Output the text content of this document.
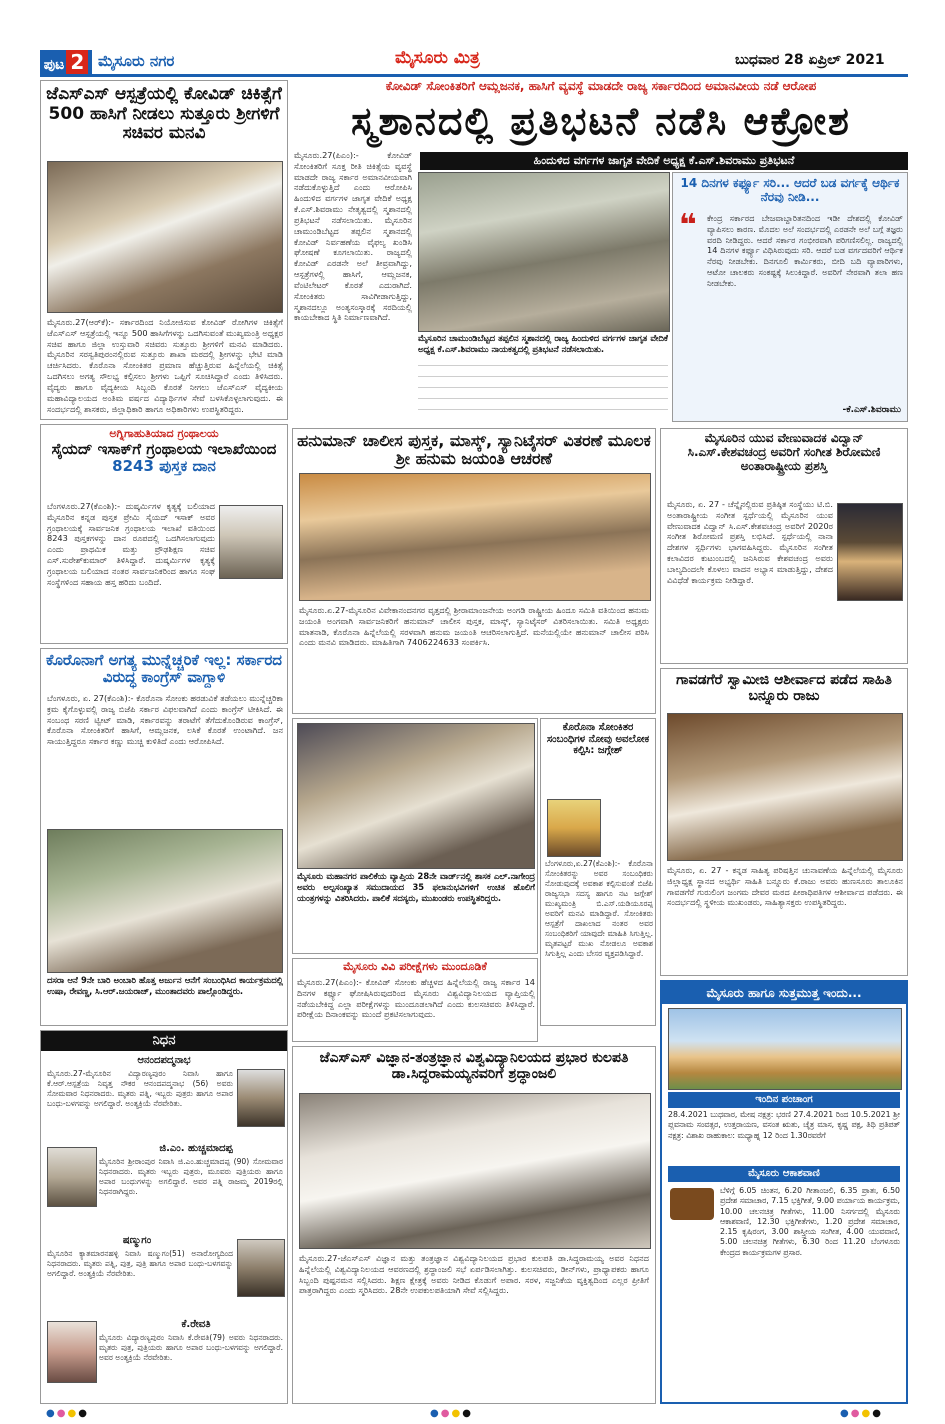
ಪುಟ 2 ಮೈಸೂರು ನಗರ	ಮೈಸೂರು ಮಿತ್ರ	ಬುಧವಾರ 28 ಏಪ್ರಿಲ್ 2021
ಜೆಎಸ್‌ಎಸ್ ಆಸ್ಪತ್ರೆಯಲ್ಲಿ ಕೋವಿಡ್ ಚಿಕಿತ್ಸೆಗೆ 500 ಹಾಸಿಗೆ ನೀಡಲು ಸುತ್ತೂರು ಶ್ರೀಗಳಿಗೆ ಸಚಿವರ ಮನವಿ
ಮೈಸೂರು.27(ಆರ್‌ಕೆ):- ಸರ್ಕಾರದಿಂದ ನಿಯೋಜಿಸುವ ಕೋವಿಡ್ ರೋಗಿಗಳ ಚಿಕಿತ್ಸೆಗೆ ಜೆಎಸ್‌ಎಸ್ ಆಸ್ಪತ್ರೆಯಲ್ಲಿ ಇನ್ನೂ 500 ಹಾಸಿಗೆಗಳನ್ನು ಒದಗಿಸುವಂತೆ ಮುಖ್ಯಮಂತ್ರಿ ಅಧ್ಯಕ್ಷರ ಸಚಿವ ಹಾಗೂ ಜಿಲ್ಲಾ ಉಸ್ತುವಾರಿ ಸಚಿವರು ಸುತ್ತೂರು ಶ್ರೀಗಳಿಗೆ ಮನವಿ ಮಾಡಿದರು. ಮೈಸೂರಿನ ಸರಸ್ವತಿಪುರಂನಲ್ಲಿರುವ ಸುತ್ತೂರು ಶಾಖಾ ಮಠದಲ್ಲಿ ಶ್ರೀಗಳನ್ನು ಭೇಟಿ ಮಾಡಿ ಚರ್ಚಿಸಿದರು. ಕೊರೊನಾ ಸೋಂಕಿತರ ಪ್ರಮಾಣ ಹೆಚ್ಚುತ್ತಿರುವ ಹಿನ್ನೆಲೆಯಲ್ಲಿ ಚಿಕಿತ್ಸೆ ಒದಗಿಸಲು ಅಗತ್ಯ ಸೌಲಭ್ಯ ಕಲ್ಪಿಸಲು ಶ್ರೀಗಳು ಒಪ್ಪಿಗೆ ಸೂಚಿಸಿದ್ದಾರೆ ಎಂದು ತಿಳಿಸಿದರು. ವೈದ್ಯರು ಹಾಗೂ ವೈದ್ಯಕೀಯ ಸಿಬ್ಬಂದಿ ಕೊರತೆ ನೀಗಲು ಜೆಎಸ್‌ಎಸ್ ವೈದ್ಯಕೀಯ ಮಹಾವಿದ್ಯಾಲಯದ ಅಂತಿಮ ವರ್ಷದ ವಿದ್ಯಾರ್ಥಿಗಳ ಸೇವೆ ಬಳಸಿಕೊಳ್ಳಲಾಗುವುದು. ಈ ಸಂದರ್ಭದಲ್ಲಿ ಶಾಸಕರು, ಜಿಲ್ಲಾಧಿಕಾರಿ ಹಾಗೂ ಅಧಿಕಾರಿಗಳು ಉಪಸ್ಥಿತರಿದ್ದರು.
ಕೋವಿಡ್ ಸೋಂಕಿತರಿಗೆ ಆಮ್ಲಜನಕ, ಹಾಸಿಗೆ ವ್ಯವಸ್ಥೆ ಮಾಡದೇ ರಾಜ್ಯ ಸರ್ಕಾರದಿಂದ ಅಮಾನವೀಯ ನಡೆ ಆರೋಪ
ಸ್ಮಶಾನದಲ್ಲಿ ಪ್ರತಿಭಟನೆ ನಡೆಸಿ ಆಕ್ರೋಶ
ಹಿಂದುಳಿದ ವರ್ಗಗಳ ಜಾಗೃತ ವೇದಿಕೆ ಅಧ್ಯಕ್ಷ ಕೆ.ಎಸ್.ಶಿವರಾಮು ಪ್ರತಿಭಟನೆ
ಮೈಸೂರು.27(ಪಿಎಂ):- ಕೋವಿಡ್ ಸೋಂಕಿತರಿಗೆ ಸೂಕ್ತ ರೀತಿ ಚಿಕಿತ್ಸೆಯ ವ್ಯವಸ್ಥೆ ಮಾಡದೇ ರಾಜ್ಯ ಸರ್ಕಾರ ಅಮಾನವೀಯವಾಗಿ ನಡೆದುಕೊಳ್ಳುತ್ತಿದೆ ಎಂದು ಆರೋಪಿಸಿ ಹಿಂದುಳಿದ ವರ್ಗಗಳ ಜಾಗೃತ ವೇದಿಕೆ ಅಧ್ಯಕ್ಷ ಕೆ.ಎಸ್.ಶಿವರಾಮು ನೇತೃತ್ವದಲ್ಲಿ ಸ್ಮಶಾನದಲ್ಲಿ ಪ್ರತಿಭಟನೆ ನಡೆಸಲಾಯಿತು. ಮೈಸೂರಿನ ಚಾಮುಂಡಿಬೆಟ್ಟದ ತಪ್ಪಲಿನ ಸ್ಮಶಾನದಲ್ಲಿ ಕೋವಿಡ್ ನಿರ್ವಹಣೆಯ ವೈಫಲ್ಯ ಖಂಡಿಸಿ ಘೋಷಣೆ ಕೂಗಲಾಯಿತು. ರಾಜ್ಯದಲ್ಲಿ ಕೋವಿಡ್ ಎರಡನೇ ಅಲೆ ತೀವ್ರವಾಗಿದ್ದು, ಆಸ್ಪತ್ರೆಗಳಲ್ಲಿ ಹಾಸಿಗೆ, ಆಮ್ಲಜನಕ, ವೆಂಟಿಲೇಟರ್ ಕೊರತೆ ಎದುರಾಗಿದೆ. ಸೋಂಕಿತರು ಸಾವಿಗೀಡಾಗುತ್ತಿದ್ದು, ಸ್ಮಶಾನದಲ್ಲೂ ಅಂತ್ಯಸಂಸ್ಕಾರಕ್ಕೆ ಸರದಿಯಲ್ಲಿ ಕಾಯಬೇಕಾದ ಸ್ಥಿತಿ ನಿರ್ಮಾಣವಾಗಿದೆ.
ಮೈಸೂರಿನ ಚಾಮುಂಡಿಬೆಟ್ಟದ ತಪ್ಪಲಿನ ಸ್ಮಶಾನದಲ್ಲಿ ರಾಜ್ಯ ಹಿಂದುಳಿದ ವರ್ಗಗಳ ಜಾಗೃತ ವೇದಿಕೆ ಅಧ್ಯಕ್ಷ ಕೆ.ಎಸ್.ಶಿವರಾಮು ನಾಯಕತ್ವದಲ್ಲಿ ಪ್ರತಿಭಟನೆ ನಡೆಸಲಾಯಿತು.
14 ದಿನಗಳ ಕರ್ಫ್ಯೂ ಸರಿ... ಆದರೆ ಬಡ ವರ್ಗಕ್ಕೆ ಆರ್ಥಿಕ ನೆರವು ನೀಡಿ...
❝ ಕೇಂದ್ರ ಸರ್ಕಾರದ ಬೇಜವಾಬ್ದಾರಿತನದಿಂದ ಇಡೀ ದೇಶದಲ್ಲಿ ಕೋವಿಡ್ ವ್ಯಾಪಿಸಲು ಕಾರಣ. ಮೊದಲ ಅಲೆ ಸಂದರ್ಭದಲ್ಲಿ ಎರಡನೇ ಅಲೆ ಬಗ್ಗೆ ತಜ್ಞರು ವರದಿ ನೀಡಿದ್ದರು. ಆದರೆ ಸರ್ಕಾರ ಗಂಭೀರವಾಗಿ ಪರಿಗಣಿಸಲಿಲ್ಲ. ರಾಜ್ಯದಲ್ಲಿ 14 ದಿನಗಳ ಕರ್ಫ್ಯೂ ವಿಧಿಸಿರುವುದು ಸರಿ. ಆದರೆ ಬಡ ವರ್ಗದವರಿಗೆ ಆರ್ಥಿಕ ನೆರವು ನೀಡಬೇಕು. ದಿನಗೂಲಿ ಕಾರ್ಮಿಕರು, ಬೀದಿ ಬದಿ ವ್ಯಾಪಾರಿಗಳು, ಆಟೋ ಚಾಲಕರು ಸಂಕಷ್ಟಕ್ಕೆ ಸಿಲುಕಿದ್ದಾರೆ. ಅವರಿಗೆ ನೇರವಾಗಿ ತಲಾ ಹಣ ನೀಡಬೇಕು.
-ಕೆ.ಎಸ್.ಶಿವರಾಮು
ಅಗ್ನಿಗಾಹುತಿಯಾದ ಗ್ರಂಥಾಲಯ
ಸೈಯದ್ ಇಸಾಕ್‌ಗೆ ಗ್ರಂಥಾಲಯ ಇಲಾಖೆಯಿಂದ
8243 ಪುಸ್ತಕ ದಾನ
ಬೆಂಗಳೂರು.27(ಕೆಎಂಶಿ):- ದುಷ್ಕರ್ಮಿಗಳ ಕೃತ್ಯಕ್ಕೆ ಬಲಿಯಾದ ಮೈಸೂರಿನ ಕನ್ನಡ ಪುಸ್ತಕ ಪ್ರೇಮಿ ಸೈಯದ್ ಇಸಾಕ್ ಅವರ ಗ್ರಂಥಾಲಯಕ್ಕೆ ಸಾರ್ವಜನಿಕ ಗ್ರಂಥಾಲಯ ಇಲಾಖೆ ವತಿಯಿಂದ 8243 ಪುಸ್ತಕಗಳನ್ನು ದಾನ ರೂಪದಲ್ಲಿ ಒದಗಿಸಲಾಗುವುದು ಎಂದು ಪ್ರಾಥಮಿಕ ಮತ್ತು ಪ್ರೌಢಶಿಕ್ಷಣ ಸಚಿವ ಎಸ್.ಸುರೇಶ್‌ಕುಮಾರ್ ತಿಳಿಸಿದ್ದಾರೆ. ದುಷ್ಕರ್ಮಿಗಳ ಕೃತ್ಯಕ್ಕೆ ಗ್ರಂಥಾಲಯ ಬಲಿಯಾದ ನಂತರ ಸಾರ್ವಜನಿಕರಿಂದ ಹಾಗೂ ಸಂಘ ಸಂಸ್ಥೆಗಳಿಂದ ಸಹಾಯ ಹಸ್ತ ಹರಿದು ಬಂದಿದೆ.
ಕೊರೊನಾಗೆ ಅಗತ್ಯ ಮುನ್ನೆಚ್ಚರಿಕೆ ಇಲ್ಲ: ಸರ್ಕಾರದ ವಿರುದ್ಧ ಕಾಂಗ್ರೆಸ್ ವಾಗ್ದಾಳಿ
ಬೆಂಗಳೂರು, ಏ. 27(ಕೆಎಂಶಿ):- ಕೊರೊನಾ ಸೋಂಕು ಹರಡುವಿಕೆ ತಡೆಯಲು ಮುನ್ನೆಚ್ಚರಿಕಾ ಕ್ರಮ ಕೈಗೊಳ್ಳುವಲ್ಲಿ ರಾಜ್ಯ ಬಿಜೆಪಿ ಸರ್ಕಾರ ವಿಫಲವಾಗಿದೆ ಎಂದು ಕಾಂಗ್ರೆಸ್ ಟೀಕಿಸಿದೆ. ಈ ಸಂಬಂಧ ಸರಣಿ ಟ್ವೀಟ್ ಮಾಡಿ, ಸರ್ಕಾರವನ್ನು ತರಾಟೆಗೆ ತೆಗೆದುಕೊಂಡಿರುವ ಕಾಂಗ್ರೆಸ್, ಕೊರೊನಾ ಸೋಂಕಿತರಿಗೆ ಹಾಸಿಗೆ, ಆಮ್ಲಜನಕ, ಲಸಿಕೆ ಕೊರತೆ ಉಂಟಾಗಿದೆ. ಜನ ಸಾಯುತ್ತಿದ್ದರೂ ಸರ್ಕಾರ ಕಣ್ಣು ಮುಚ್ಚಿ ಕುಳಿತಿದೆ ಎಂದು ಆರೋಪಿಸಿದೆ.
ದಸರಾ ಆನೆ 9ನೇ ಬಾರಿ ಅಂಬಾರಿ ಹೊತ್ತ ಅರ್ಜುನ ಆನೆಗೆ ಸಂಬಂಧಿಸಿದ ಕಾರ್ಯಕ್ರಮದಲ್ಲಿ ಉಷಾ, ರೇವಣ್ಣ, ಸಿ.ಆರ್.ಜಯರಾಜ್, ಮುಂತಾದವರು ಪಾಲ್ಗೊಂಡಿದ್ದರು.
ಹನುಮಾನ್ ಚಾಲೀಸ ಪುಸ್ತಕ, ಮಾಸ್ಕ್, ಸ್ಯಾನಿಟೈಸರ್ ವಿತರಣೆ ಮೂಲಕ ಶ್ರೀ ಹನುಮ ಜಯಂತಿ ಆಚರಣೆ
ಮೈಸೂರು.ಏ.27-ಮೈಸೂರಿನ ವಿವೇಕಾನಂದನಗರ ವೃತ್ತದಲ್ಲಿ ಶ್ರೀರಾಮಾಂಜನೇಯ ಅಂಗಡಿ ರಾಷ್ಟ್ರೀಯ ಹಿಂದೂ ಸಮಿತಿ ವತಿಯಿಂದ ಹನುಮ ಜಯಂತಿ ಅಂಗವಾಗಿ ಸಾರ್ವಜನಿಕರಿಗೆ ಹನುಮಾನ್ ಚಾಲೀಸ ಪುಸ್ತಕ, ಮಾಸ್ಕ್, ಸ್ಯಾನಿಟೈಸರ್ ವಿತರಿಸಲಾಯಿತು. ಸಮಿತಿ ಅಧ್ಯಕ್ಷರು ಮಾತನಾಡಿ, ಕೊರೊನಾ ಹಿನ್ನೆಲೆಯಲ್ಲಿ ಸರಳವಾಗಿ ಹನುಮ ಜಯಂತಿ ಆಚರಿಸಲಾಗುತ್ತಿದೆ. ಮನೆಯಲ್ಲಿಯೇ ಹನುಮಾನ್ ಚಾಲೀಸ ಪಠಿಸಿ ಎಂದು ಮನವಿ ಮಾಡಿದರು. ಮಾಹಿತಿಗಾಗಿ 7406224633 ಸಂಪರ್ಕಿಸಿ.
ಮೈಸೂರಿನ ಯುವ ವೇಣುವಾದಕ ವಿದ್ವಾನ್ ಸಿ.ಎಸ್.ಕೇಶವಚಂದ್ರ ಅವರಿಗೆ ಸಂಗೀತ ಶಿರೋಮಣಿ ಅಂತಾರಾಷ್ಟ್ರೀಯ ಪ್ರಶಸ್ತಿ
ಮೈಸೂರು, ಏ. 27 - ಚೆನ್ನೈನಲ್ಲಿರುವ ಪ್ರತಿಷ್ಠಿತ ಸಂಸ್ಥೆಯು ಟಿ.ಬಿ. ಅಂತಾರಾಷ್ಟ್ರೀಯ ಸಂಗೀತ ಸ್ಪರ್ಧೆಯಲ್ಲಿ ಮೈಸೂರಿನ ಯುವ ವೇಣುವಾದಕ ವಿದ್ವಾನ್ ಸಿ.ಎಸ್.ಕೇಶವಚಂದ್ರ ಅವರಿಗೆ 2020ರ ಸಂಗೀತ ಶಿರೋಮಣಿ ಪ್ರಶಸ್ತಿ ಲಭಿಸಿದೆ. ಸ್ಪರ್ಧೆಯಲ್ಲಿ ನಾನಾ ದೇಶಗಳ ಸ್ಪರ್ಧಿಗಳು ಭಾಗವಹಿಸಿದ್ದರು. ಮೈಸೂರಿನ ಸಂಗೀತ ಕಲಾವಿದರ ಕುಟುಂಬದಲ್ಲಿ ಜನಿಸಿರುವ ಕೇಶವಚಂದ್ರ ಅವರು ಬಾಲ್ಯದಿಂದಲೇ ಕೊಳಲು ವಾದನ ಅಭ್ಯಾಸ ಮಾಡುತ್ತಿದ್ದು, ದೇಶದ ವಿವಿಧೆಡೆ ಕಾರ್ಯಕ್ರಮ ನೀಡಿದ್ದಾರೆ.
ಗಾವಡಗೆರೆ ಸ್ವಾಮೀಜಿ ಆಶೀರ್ವಾದ ಪಡೆದ ಸಾಹಿತಿ ಬನ್ನೂರು ರಾಜು
ಮೈಸೂರು, ಏ. 27 - ಕನ್ನಡ ಸಾಹಿತ್ಯ ಪರಿಷತ್ತಿನ ಚುನಾವಣೆಯ ಹಿನ್ನೆಲೆಯಲ್ಲಿ ಮೈಸೂರು ಜಿಲ್ಲಾಧ್ಯಕ್ಷ ಸ್ಥಾನದ ಅಭ್ಯರ್ಥಿ ಸಾಹಿತಿ ಬನ್ನೂರು ಕೆ.ರಾಜು ಅವರು ಹುಣಸೂರು ತಾಲೂಕಿನ ಗಾವಡಗೆರೆ ಗುರುಲಿಂಗ ಜಂಗಮ ದೇವರ ಮಠದ ಪೀಠಾಧಿಪತಿಗಳ ಆಶೀರ್ವಾದ ಪಡೆದರು. ಈ ಸಂದರ್ಭದಲ್ಲಿ ಸ್ಥಳೀಯ ಮುಖಂಡರು, ಸಾಹಿತ್ಯಾಸಕ್ತರು ಉಪಸ್ಥಿತರಿದ್ದರು.
ಮೈಸೂರು ಮಹಾನಗರ ಪಾಲಿಕೆಯ ವ್ಯಾಪ್ತಿಯ 28ನೇ ವಾರ್ಡ್‌ನಲ್ಲಿ ಶಾಸಕ ಎಲ್.ನಾಗೇಂದ್ರ ಅವರು ಅಲ್ಪಸಂಖ್ಯಾತ ಸಮುದಾಯದ 35 ಫಲಾನುಭವಿಗಳಿಗೆ ಉಚಿತ ಹೊಲಿಗೆ ಯಂತ್ರಗಳನ್ನು ವಿತರಿಸಿದರು. ಪಾಲಿಕೆ ಸದಸ್ಯರು, ಮುಖಂಡರು ಉಪಸ್ಥಿತರಿದ್ದರು.
ಕೊರೊನಾ ಸೋಂಕಿತರ ಸಂಬಂಧಿಗಳ ನೋವು ಅವಲೋಕ ಕಲ್ಪಿಸಿ: ಜಗ್ಗೇಶ್
ಬೆಂಗಳೂರು,ಏ.27(ಕೆಎಂಶಿ):- ಕೊರೊನಾ ಸೋಂಕಿತರನ್ನು ಅವರ ಸಂಬಂಧಿಕರು ನೋಡುವುದಕ್ಕೆ ಅವಕಾಶ ಕಲ್ಪಿಸುವಂತೆ ಬಿಜೆಪಿ ರಾಜ್ಯಸಭಾ ಸದಸ್ಯ ಹಾಗೂ ನಟ ಜಗ್ಗೇಶ್ ಮುಖ್ಯಮಂತ್ರಿ ಬಿ.ಎಸ್.ಯಡಿಯೂರಪ್ಪ ಅವರಿಗೆ ಮನವಿ ಮಾಡಿದ್ದಾರೆ. ಸೋಂಕಿತರು ಆಸ್ಪತ್ರೆಗೆ ದಾಖಲಾದ ನಂತರ ಅವರ ಸಂಬಂಧಿಕರಿಗೆ ಯಾವುದೇ ಮಾಹಿತಿ ಸಿಗುತ್ತಿಲ್ಲ. ಮೃತಪಟ್ಟರೆ ಮುಖ ನೋಡಲೂ ಅವಕಾಶ ಸಿಗುತ್ತಿಲ್ಲ ಎಂದು ಬೇಸರ ವ್ಯಕ್ತಪಡಿಸಿದ್ದಾರೆ.
ಮೈಸೂರು ವಿವಿ ಪರೀಕ್ಷೆಗಳು ಮುಂದೂಡಿಕೆ
ಮೈಸೂರು.27(ಪಿಎಂ):- ಕೋವಿಡ್ ಸೋಂಕು ಹೆಚ್ಚಳದ ಹಿನ್ನೆಲೆಯಲ್ಲಿ ರಾಜ್ಯ ಸರ್ಕಾರ 14 ದಿನಗಳ ಕರ್ಫ್ಯೂ ಘೋಷಿಸಿರುವುದರಿಂದ ಮೈಸೂರು ವಿಶ್ವವಿದ್ಯಾನಿಲಯದ ವ್ಯಾಪ್ತಿಯಲ್ಲಿ ನಡೆಯಬೇಕಿದ್ದ ಎಲ್ಲಾ ಪರೀಕ್ಷೆಗಳನ್ನು ಮುಂದೂಡಲಾಗಿದೆ ಎಂದು ಕುಲಸಚಿವರು ತಿಳಿಸಿದ್ದಾರೆ. ಪರೀಕ್ಷೆಯ ದಿನಾಂಕವನ್ನು ಮುಂದೆ ಪ್ರಕಟಿಸಲಾಗುವುದು.
ನಿಧನ
ಆನಂದಪದ್ಮನಾಭ
ಮೈಸೂರು.27-ಮೈಸೂರಿನ ವಿದ್ಯಾರಣ್ಯಪುರಂ ನಿವಾಸಿ ಹಾಗೂ ಕೆ.ಆರ್.ಆಸ್ಪತ್ರೆಯ ನಿವೃತ್ತ ನೌಕರ ಆನಂದಪದ್ಮನಾಭ (56) ಅವರು ಸೋಮವಾರ ನಿಧನರಾದರು. ಮೃತರು ಪತ್ನಿ, ಇಬ್ಬರು ಪುತ್ರರು ಹಾಗೂ ಅಪಾರ ಬಂಧು-ಬಳಗವನ್ನು ಅಗಲಿದ್ದಾರೆ. ಅಂತ್ಯಕ್ರಿಯೆ ನೆರವೇರಿತು.
ಜಿ.ಎಂ. ಹುಚ್ಚಮಾದಪ್ಪ
ಮೈಸೂರಿನ ಶ್ರೀರಾಂಪುರ ನಿವಾಸಿ ಜಿ.ಎಂ.ಹುಚ್ಚಮಾದಪ್ಪ (90) ಸೋಮವಾರ ನಿಧನರಾದರು. ಮೃತರು ಇಬ್ಬರು ಪುತ್ರರು, ಮೂವರು ಪುತ್ರಿಯರು ಹಾಗೂ ಅಪಾರ ಬಂಧುಗಳನ್ನು ಅಗಲಿದ್ದಾರೆ. ಅವರ ಪತ್ನಿ ರಾಜಮ್ಮ 2019ರಲ್ಲಿ ನಿಧನರಾಗಿದ್ದರು.
ಷಣ್ಮುಗಂ
ಮೈಸೂರಿನ ಕ್ಯಾತಮಾರನಹಳ್ಳಿ ನಿವಾಸಿ ಷಣ್ಮುಗಂ(51) ಅನಾರೋಗ್ಯದಿಂದ ನಿಧನರಾದರು. ಮೃತರು ಪತ್ನಿ, ಪುತ್ರ, ಪುತ್ರಿ ಹಾಗೂ ಅಪಾರ ಬಂಧು-ಬಳಗವನ್ನು ಅಗಲಿದ್ದಾರೆ. ಅಂತ್ಯಕ್ರಿಯೆ ನೆರವೇರಿತು.
ಕೆ.ರೇವತಿ
ಮೈಸೂರು ವಿದ್ಯಾರಣ್ಯಪುರಂ ನಿವಾಸಿ ಕೆ.ರೇವತಿ(79) ಅವರು ನಿಧನರಾದರು. ಮೃತರು ಪುತ್ರ, ಪುತ್ರಿಯರು ಹಾಗೂ ಅಪಾರ ಬಂಧು-ಬಳಗವನ್ನು ಅಗಲಿದ್ದಾರೆ. ಅವರ ಅಂತ್ಯಕ್ರಿಯೆ ನೆರವೇರಿತು.
ಜೆಎಸ್‌ಎಸ್ ವಿಜ್ಞಾನ-ತಂತ್ರಜ್ಞಾನ ವಿಶ್ವವಿದ್ಯಾನಿಲಯದ ಪ್ರಭಾರ ಕುಲಪತಿ ಡಾ.ಸಿದ್ಧರಾಮಯ್ಯನವರಿಗೆ ಶ್ರದ್ಧಾಂಜಲಿ
ಮೈಸೂರು.27-ಜೆಎಸ್‌ಎಸ್ ವಿಜ್ಞಾನ ಮತ್ತು ತಂತ್ರಜ್ಞಾನ ವಿಶ್ವವಿದ್ಯಾನಿಲಯದ ಪ್ರಭಾರ ಕುಲಪತಿ ಡಾ.ಸಿದ್ಧರಾಮಯ್ಯ ಅವರ ನಿಧನದ ಹಿನ್ನೆಲೆಯಲ್ಲಿ ವಿಶ್ವವಿದ್ಯಾನಿಲಯದ ಆವರಣದಲ್ಲಿ ಶ್ರದ್ಧಾಂಜಲಿ ಸಭೆ ಏರ್ಪಡಿಸಲಾಗಿತ್ತು. ಕುಲಸಚಿವರು, ಡೀನ್‌ಗಳು, ಪ್ರಾಧ್ಯಾಪಕರು ಹಾಗೂ ಸಿಬ್ಬಂದಿ ಪುಷ್ಪನಮನ ಸಲ್ಲಿಸಿದರು. ಶಿಕ್ಷಣ ಕ್ಷೇತ್ರಕ್ಕೆ ಅವರು ನೀಡಿದ ಕೊಡುಗೆ ಅಪಾರ. ಸರಳ, ಸಜ್ಜನಿಕೆಯ ವ್ಯಕ್ತಿತ್ವದಿಂದ ಎಲ್ಲರ ಪ್ರೀತಿಗೆ ಪಾತ್ರರಾಗಿದ್ದರು ಎಂದು ಸ್ಮರಿಸಿದರು. 28ನೇ ಉಪಕುಲಪತಿಯಾಗಿ ಸೇವೆ ಸಲ್ಲಿಸಿದ್ದರು.
ಮೈಸೂರು ಹಾಗೂ ಸುತ್ತಮುತ್ತ ಇಂದು...
ಇಂದಿನ ಪಂಚಾಂಗ
28.4.2021 ಬುಧವಾರ, ಮೇಷ ನಕ್ಷತ್ರ: ಭರಣಿ 27.4.2021 ರಿಂದ 10.5.2021 ಶ್ರೀ ಪ್ಲವನಾಮ ಸಂವತ್ಸರ, ಉತ್ತರಾಯಣ, ವಸಂತ ಋತು, ಚೈತ್ರ ಮಾಸ, ಕೃಷ್ಣ ಪಕ್ಷ, ತಿಥಿ ಪ್ರತಿಪತ್ ನಕ್ಷತ್ರ: ವಿಶಾಖ ರಾಹುಕಾಲ: ಮಧ್ಯಾಹ್ನ 12 ರಿಂದ 1.30ರವರೆಗೆ
ಮೈಸೂರು ಆಕಾಶವಾಣಿ
ಬೆಳಿಗ್ಗೆ 6.05 ಚಿಂತನ, 6.20 ಗೀತಾಂಜಲಿ, 6.35 ಪ್ರಾತಃ, 6.50 ಪ್ರದೇಶ ಸಮಾಚಾರ, 7.15 ಭಕ್ತಿಗೀತೆ, 9.00 ಪರ್ಯಾಯ ಕಾರ್ಯಕ್ರಮ, 10.00 ಚಲನಚಿತ್ರ ಗೀತೆಗಳು, 11.00 ನಿಸರ್ಗದಲ್ಲಿ ಮೈಸೂರು ಆಕಾಶವಾಣಿ, 12.30 ಭಕ್ತಿಗೀತೆಗಳು, 1.20 ಪ್ರದೇಶ ಸಮಾಚಾರ, 2.15 ಕೃಷಿರಂಗ, 3.00 ಶಾಸ್ತ್ರೀಯ ಸಂಗೀತ, 4.00 ಯುವವಾಣಿ, 5.00 ಚಲನಚಿತ್ರ ಗೀತೆಗಳು, 6.30 ರಿಂದ 11.20 ಬೆಂಗಳೂರು ಕೇಂದ್ರದ ಕಾರ್ಯಕ್ರಮಗಳ ಪ್ರಸಾರ.
●●●●	●●●●	●●●●
